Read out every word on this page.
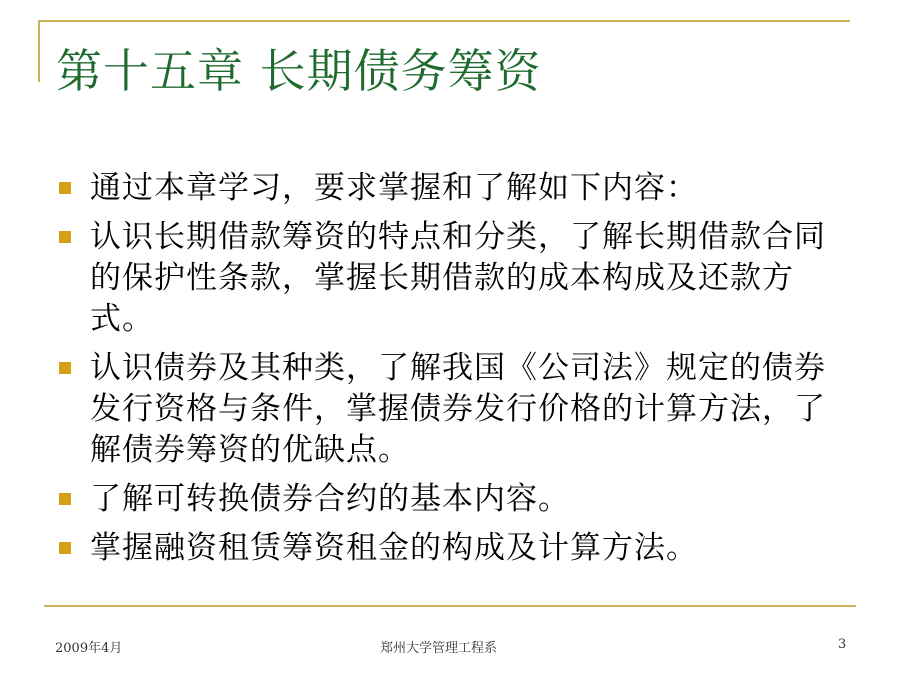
第十五章 长期债务筹资
通过本章学习，要求掌握和了解如下内容：
认识长期借款筹资的特点和分类，了解长期借款合同的保护性条款，掌握长期借款的成本构成及还款方式。
认识债券及其种类，了解我国《公司法》规定的债券发行资格与条件，掌握债券发行价格的计算方法，了解债券筹资的优缺点。
了解可转换债券合约的基本内容。
掌握融资租赁筹资租金的构成及计算方法。
2009年4月	郑州大学管理工程系	3
